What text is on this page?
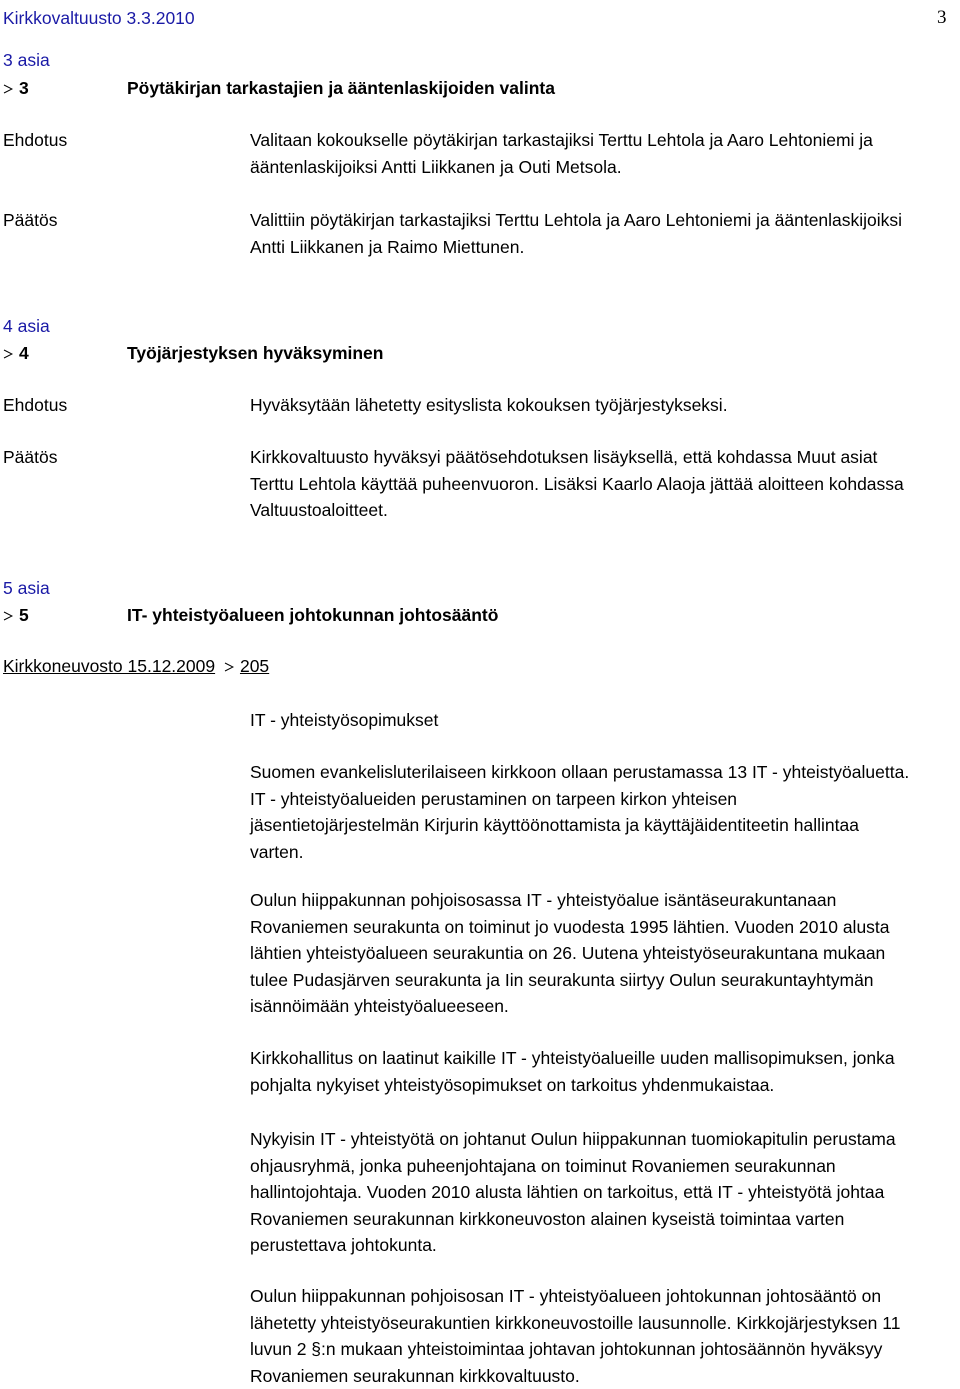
Kirkkovaltuusto 3.3.2010	3
3 asia
3	Pöytäkirjan tarkastajien ja ääntenlaskijoiden valinta
Ehdotus	Valitaan kokoukselle pöytäkirjan tarkastajiksi Terttu Lehtola ja Aaro Lehtoniemi ja
ääntenlaskijoiksi Antti Liikkanen ja Outi Metsola.
Päätös	Valittiin pöytäkirjan tarkastajiksi Terttu Lehtola ja Aaro Lehtoniemi ja ääntenlaskijoiksi
Antti Liikkanen ja Raimo Miettunen.
4 asia
4	Työjärjestyksen hyväksyminen
Ehdotus	Hyväksytään lähetetty esityslista kokouksen työjärjestykseksi.
Päätös	Kirkkovaltuusto hyväksyi päätösehdotuksen lisäyksellä, että kohdassa Muut asiat
Terttu Lehtola käyttää puheenvuoron. Lisäksi Kaarlo Alaoja jättää aloitteen kohdassa
Valtuustoaloitteet.
5 asia
5	IT- yhteistyöalueen johtokunnan johtosääntö
Kirkkoneuvosto 15.12.2009 205
IT - yhteistyösopimukset
Suomen evankelisluterilaiseen kirkkoon ollaan perustamassa 13 IT - yhteistyöaluetta.
IT - yhteistyöalueiden perustaminen on tarpeen kirkon yhteisen
jäsentietojärjestelmän Kirjurin käyttöönottamista ja käyttäjäidentiteetin hallintaa
varten.
Oulun hiippakunnan pohjoisosassa IT - yhteistyöalue isäntäseurakuntanaan
Rovaniemen seurakunta on toiminut jo vuodesta 1995 lähtien. Vuoden 2010 alusta
lähtien yhteistyöalueen seurakuntia on 26. Uutena yhteistyöseurakuntana mukaan
tulee Pudasjärven seurakunta ja Iin seurakunta siirtyy Oulun seurakuntayhtymän
isännöimään yhteistyöalueeseen.
Kirkkohallitus on laatinut kaikille IT - yhteistyöalueille uuden mallisopimuksen, jonka
pohjalta nykyiset yhteistyösopimukset on tarkoitus yhdenmukaistaa.
Nykyisin IT - yhteistyötä on johtanut Oulun hiippakunnan tuomiokapitulin perustama
ohjausryhmä, jonka puheenjohtajana on toiminut Rovaniemen seurakunnan
hallintojohtaja. Vuoden 2010 alusta lähtien on tarkoitus, että IT - yhteistyötä johtaa
Rovaniemen seurakunnan kirkkoneuvoston alainen kyseistä toimintaa varten
perustettava johtokunta.
Oulun hiippakunnan pohjoisosan IT - yhteistyöalueen johtokunnan johtosääntö on
lähetetty yhteistyöseurakuntien kirkkoneuvostoille lausunnolle. Kirkkojärjestyksen 11
luvun 2 §:n mukaan yhteistoimintaa johtavan johtokunnan johtosäännön hyväksyy
Rovaniemen seurakunnan kirkkovaltuusto.
